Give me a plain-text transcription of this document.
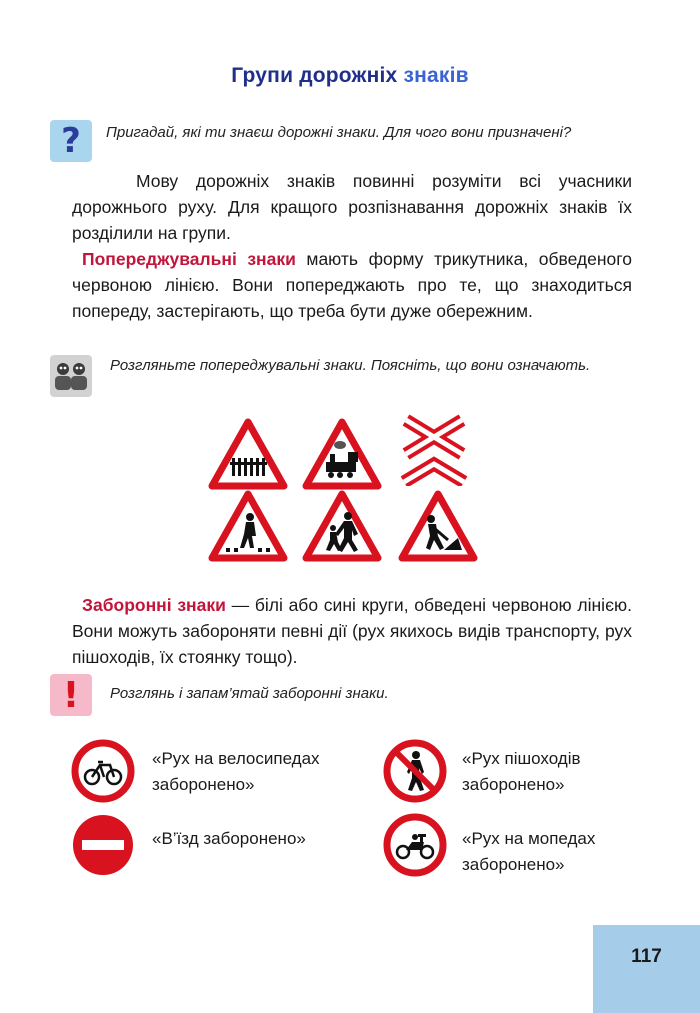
Групи дорожніх знаків
?	Пригадай, які ти знаєш дорожні знаки. Для чого вони призначені?
Мову дорожніх знаків повинні розуміти всі учасники дорожнього руху. Для кращого розпізнавання дорожніх знаків їх розділили на групи.
Попереджувальні знаки мають форму трикутника, обведеного червоною лінією. Вони попереджають про те, що знаходиться попереду, застерігають, що треба бути дуже обережним.
Розгляньте попереджувальні знаки. Поясніть, що вони означають.
Заборонні знаки — білі або сині круги, обведені червоною лінією. Вони можуть забороняти певні дії (рух якихось видів транспорту, рух пішоходів, їх стоянку тощо).
! Розглянь і запам’ятай заборонні знаки.
«Рух на велосипедах
заборонено»
«Рух пішоходів
заборонено»
«В’їзд заборонено»	«Рух на мопедах
заборонено»
117
